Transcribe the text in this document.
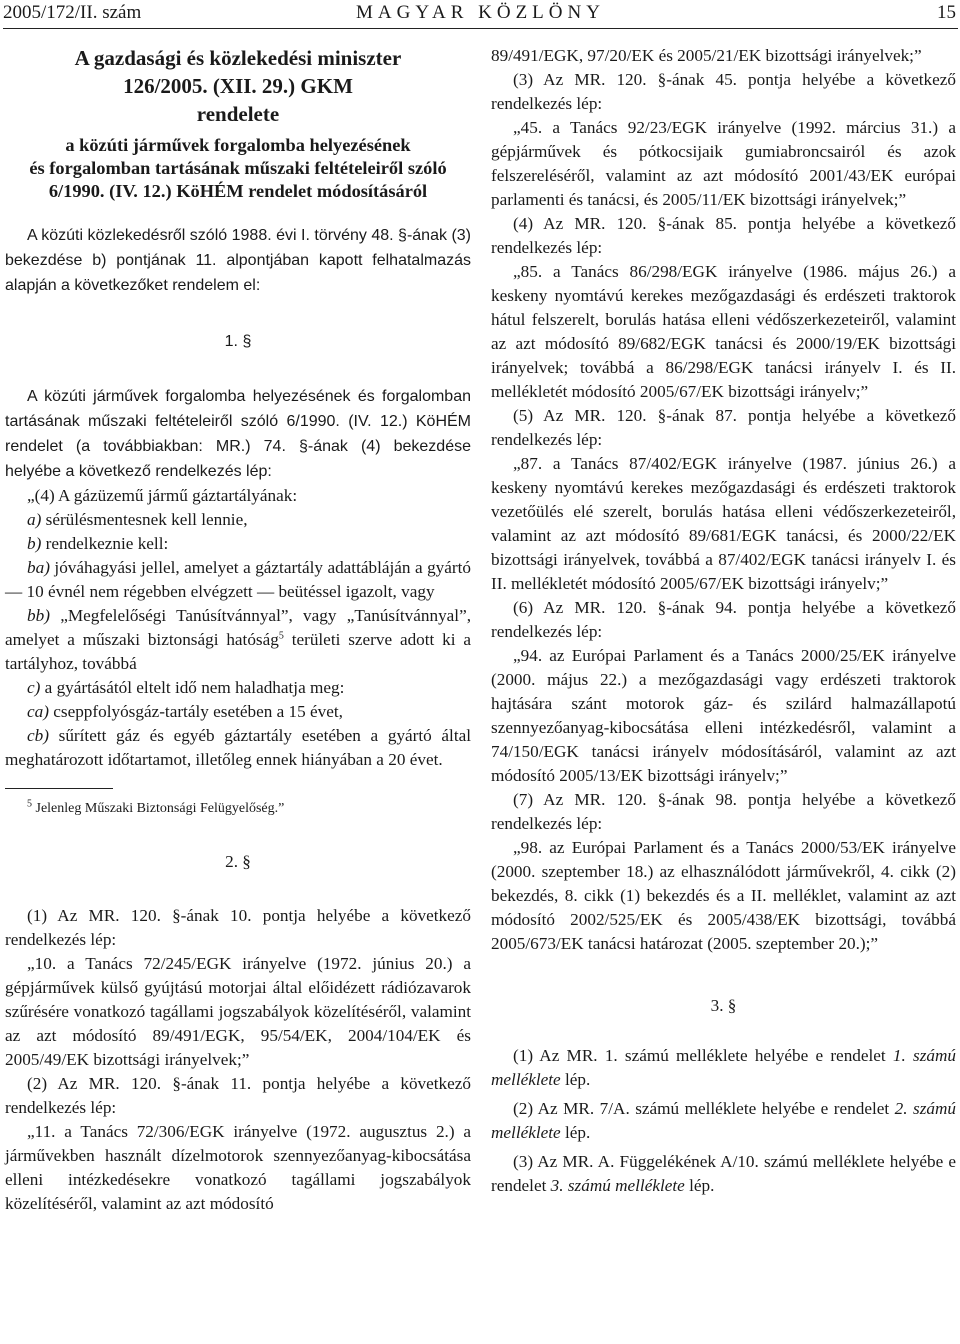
2005/172/II. szám	MAGYAR KÖZLÖNY	15

A gazdasági és közlekedési miniszter

126/2005. (XII. 29.) GKM

rendelete

a közúti járművek forgalomba helyezésének

és forgalomban tartásának műszaki feltételeiről szóló

6/1990. (IV. 12.) KöHÉM rendelet módosításáról

A közúti közlekedésről szóló 1988. évi I. törvény 48. §-ának (3) bekezdése b) pontjának 11. alpontjában kapott felhatalmazás alapján a következőket rendelem el:

1. §

A közúti járművek forgalomba helyezésének és forgalomban tartásának műszaki feltételeiről szóló 6/1990. (IV. 12.) KöHÉM rendelet (a továbbiakban: MR.) 74. §-ának (4) bekezdése helyébe a következő rendelkezés lép:

„(4) A gázüzemű jármű gáztartályának:

a) sérülésmentesnek kell lennie,

b) rendelkeznie kell:

ba) jóváhagyási jellel, amelyet a gáztartály adattábláján a gyártó — 10 évnél nem régebben elvégzett — beütéssel igazolt, vagy

bb) „Megfelelőségi Tanúsítvánnyal”, vagy „Tanúsítvánnyal”, amelyet a műszaki biztonsági hatóság$^5$ területi szerve adott ki a tartályhoz, továbbá

c) a gyártásától eltelt idő nem haladhatja meg:

ca) cseppfolyósgáz-tartály esetében a 15 évet,

cb) sűrített gáz és egyéb gáztartály esetében a gyártó által meghatározott időtartamot, illetőleg ennek hiányában a 20 évet.

$^5$ Jelenleg Műszaki Biztonsági Felügyelőség.”

2. §

(1) Az MR. 120. §-ának 10. pontja helyébe a következő rendelkezés lép:

„10. a Tanács 72/245/EGK irányelve (1972. június 20.) a gépjárművek külső gyújtású motorjai által előidézett rádiózavarok szűrésére vonatkozó tagállami jogszabályok közelítéséről, valamint az azt módosító 89/491/EGK, 95/54/EK, 2004/104/EK és 2005/49/EK bizottsági irányelvek;”

(2) Az MR. 120. §-ának 11. pontja helyébe a következő rendelkezés lép:

„11. a Tanács 72/306/EGK irányelve (1972. augusztus 2.) a járművekben használt dízelmotorok szennyezőanyag-kibocsátása elleni intézkedésekre vonatkozó tagállami jogszabályok közelítéséről, valamint az azt módosító

89/491/EGK, 97/20/EK és 2005/21/EK bizottsági irányelvek;”

(3) Az MR. 120. §-ának 45. pontja helyébe a következő rendelkezés lép:

„45. a Tanács 92/23/EGK irányelve (1992. március 31.) a gépjárművek és pótkocsijaik gumiabroncsairól és azok felszereléséről, valamint az azt módosító 2001/43/EK európai parlamenti és tanácsi, és 2005/11/EK bizottsági irányelvek;”

(4) Az MR. 120. §-ának 85. pontja helyébe a következő rendelkezés lép:

„85. a Tanács 86/298/EGK irányelve (1986. május 26.) a keskeny nyomtávú kerekes mezőgazdasági és erdészeti traktorok hátul felszerelt, borulás hatása elleni védőszerkezeteiről, valamint az azt módosító 89/682/EGK tanácsi és 2000/19/EK bizottsági irányelvek; továbbá a 86/298/EGK tanácsi irányelv I. és II. mellékletét módosító 2005/67/EK bizottsági irányelv;”

(5) Az MR. 120. §-ának 87. pontja helyébe a következő rendelkezés lép:

„87. a Tanács 87/402/EGK irányelve (1987. június 26.) a keskeny nyomtávú kerekes mezőgazdasági és erdészeti traktorok vezetőülés elé szerelt, borulás hatása elleni védőszerkezeteiről, valamint az azt módosító 89/681/EGK tanácsi, és 2000/22/EK bizottsági irányelvek, továbbá a 87/402/EGK tanácsi irányelv I. és II. mellékletét módosító 2005/67/EK bizottsági irányelv;”

(6) Az MR. 120. §-ának 94. pontja helyébe a következő rendelkezés lép:

„94. az Európai Parlament és a Tanács 2000/25/EK irányelve (2000. május 22.) a mezőgazdasági vagy erdészeti traktorok hajtására szánt motorok gáz- és szilárd halmazállapotú szennyezőanyag-kibocsátása elleni intézkedésről, valamint a 74/150/EGK tanácsi irányelv módosításáról, valamint az azt módosító 2005/13/EK bizottsági irányelv;”

(7) Az MR. 120. §-ának 98. pontja helyébe a következő rendelkezés lép:

„98. az Európai Parlament és a Tanács 2000/53/EK irányelve (2000. szeptember 18.) az elhasználódott járművekről, 4. cikk (2) bekezdés, 8. cikk (1) bekezdés és a II. melléklet, valamint az azt módosító 2002/525/EK és 2005/438/EK bizottsági, továbbá 2005/673/EK tanácsi határozat (2005. szeptember 20.);”

3. §

(1) Az MR. 1. számú melléklete helyébe e rendelet 1. számú melléklete lép.

(2) Az MR. 7/A. számú melléklete helyébe e rendelet 2. számú melléklete lép.

(3) Az MR. A. Függelékének A/10. számú melléklete helyébe e rendelet 3. számú melléklete lép.
